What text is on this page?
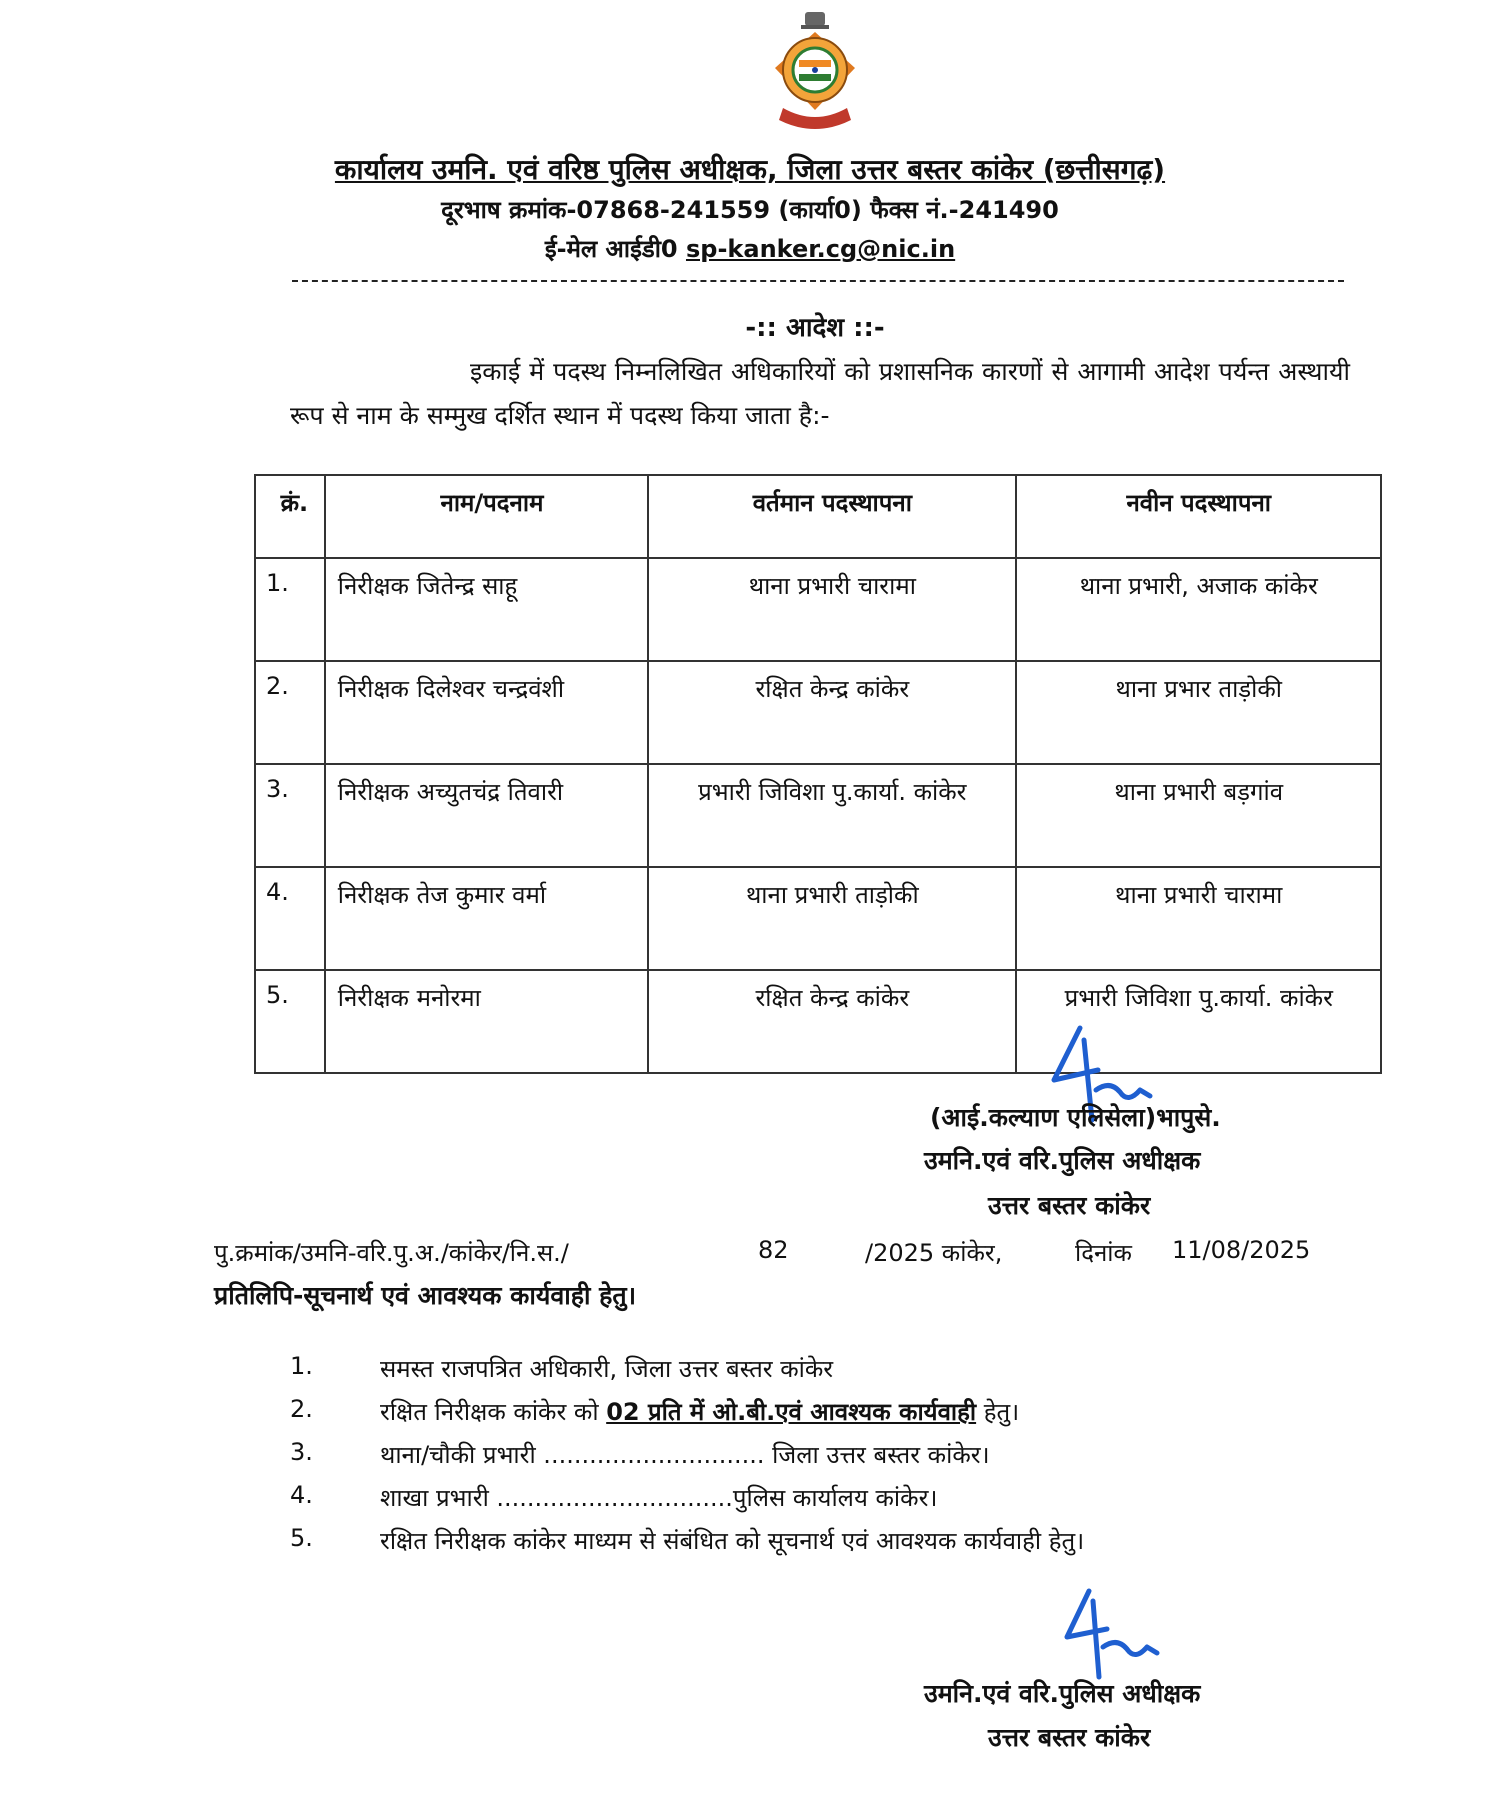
कार्यालय उमनि. एवं वरिष्ठ पुलिस अधीक्षक, जिला उत्तर बस्तर कांकेर (छत्तीसगढ़)
दूरभाष क्रमांक-07868-241559 (कार्या0) फैक्स नं.-241490
ई-मेल आईडी0 sp-kanker.cg@nic.in
-:: आदेश ::-
इकाई में पदस्थ निम्नलिखित अधिकारियों को प्रशासनिक कारणों से आगामी आदेश पर्यन्त अस्थायी रूप से नाम के सम्मुख दर्शित स्थान में पदस्थ किया जाता है:-
क्रं.	नाम/पदनाम	वर्तमान पदस्थापना	नवीन पदस्थापना
1.	निरीक्षक जितेन्द्र साहू	थाना प्रभारी चारामा	थाना प्रभारी, अजाक कांकेर
2.	निरीक्षक दिलेश्वर चन्द्रवंशी	रक्षित केन्द्र कांकेर	थाना प्रभार ताड़ोकी
3.	निरीक्षक अच्युतचंद्र तिवारी	प्रभारी जिविशा पु.कार्या. कांकेर	थाना प्रभारी बड़गांव
4.	निरीक्षक तेज कुमार वर्मा	थाना प्रभारी ताड़ोकी	थाना प्रभारी चारामा
5.	निरीक्षक मनोरमा	रक्षित केन्द्र कांकेर	प्रभारी जिविशा पु.कार्या. कांकेर
(आई.कल्याण एलिसेला)भापुसे.
उमनि.एवं वरि.पुलिस अधीक्षक
उत्तर बस्तर कांकेर
पु.क्रमांक/उमनि-वरि.पु.अ./कांकेर/नि.स./	82	/2025 कांकेर,	दिनांक 11/08/2025
प्रतिलिपि-सूचनार्थ एवं आवश्यक कार्यवाही हेतु।
1.	समस्त राजपत्रित अधिकारी, जिला उत्तर बस्तर कांकेर
2.	रक्षित निरीक्षक कांकेर को 02 प्रति में ओ.बी.एवं आवश्यक कार्यवाही हेतु।
3.	थाना/चौकी प्रभारी ............................. जिला उत्तर बस्तर कांकेर।
4.	शाखा प्रभारी ...............................पुलिस कार्यालय कांकेर।
5.	रक्षित निरीक्षक कांकेर माध्यम से संबंधित को सूचनार्थ एवं आवश्यक कार्यवाही हेतु।
उमनि.एवं वरि.पुलिस अधीक्षक
उत्तर बस्तर कांकेर
